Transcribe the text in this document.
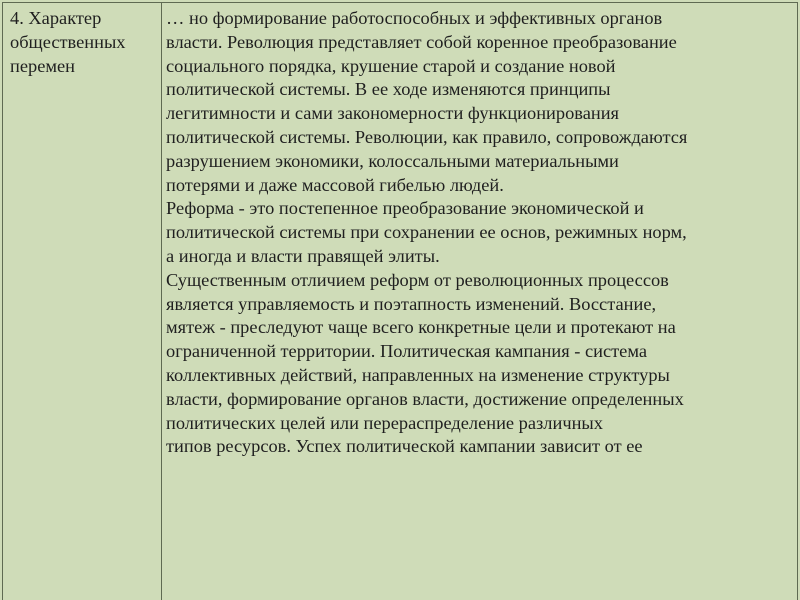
4. Характер
общественных
перемен

… но формирование работоспособных и эффективных органов
власти. Революция представляет собой коренное преобразование
социального порядка, крушение старой и создание новой
политической системы. В ее ходе изменяются принципы
легитимности и сами закономерности функционирования
политической системы. Революции, как правило, сопровождаются
разрушением экономики, колоссальными материальными
потерями и даже массовой гибелью людей.
Реформа - это постепенное преобразование экономической и
политической системы при сохранении ее основ, режимных норм,
а иногда и власти правящей элиты.
Существенным отличием реформ от революционных процессов
является управляемость и поэтапность изменений. Восстание,
мятеж - преследуют чаще всего конкретные цели и протекают на
ограниченной территории. Политическая кампания - система
коллективных действий, направленных на изменение структуры
власти, формирование органов власти, достижение определенных
политических целей или перераспределение различных
типов ресурсов. Успех политической кампании зависит от ее
